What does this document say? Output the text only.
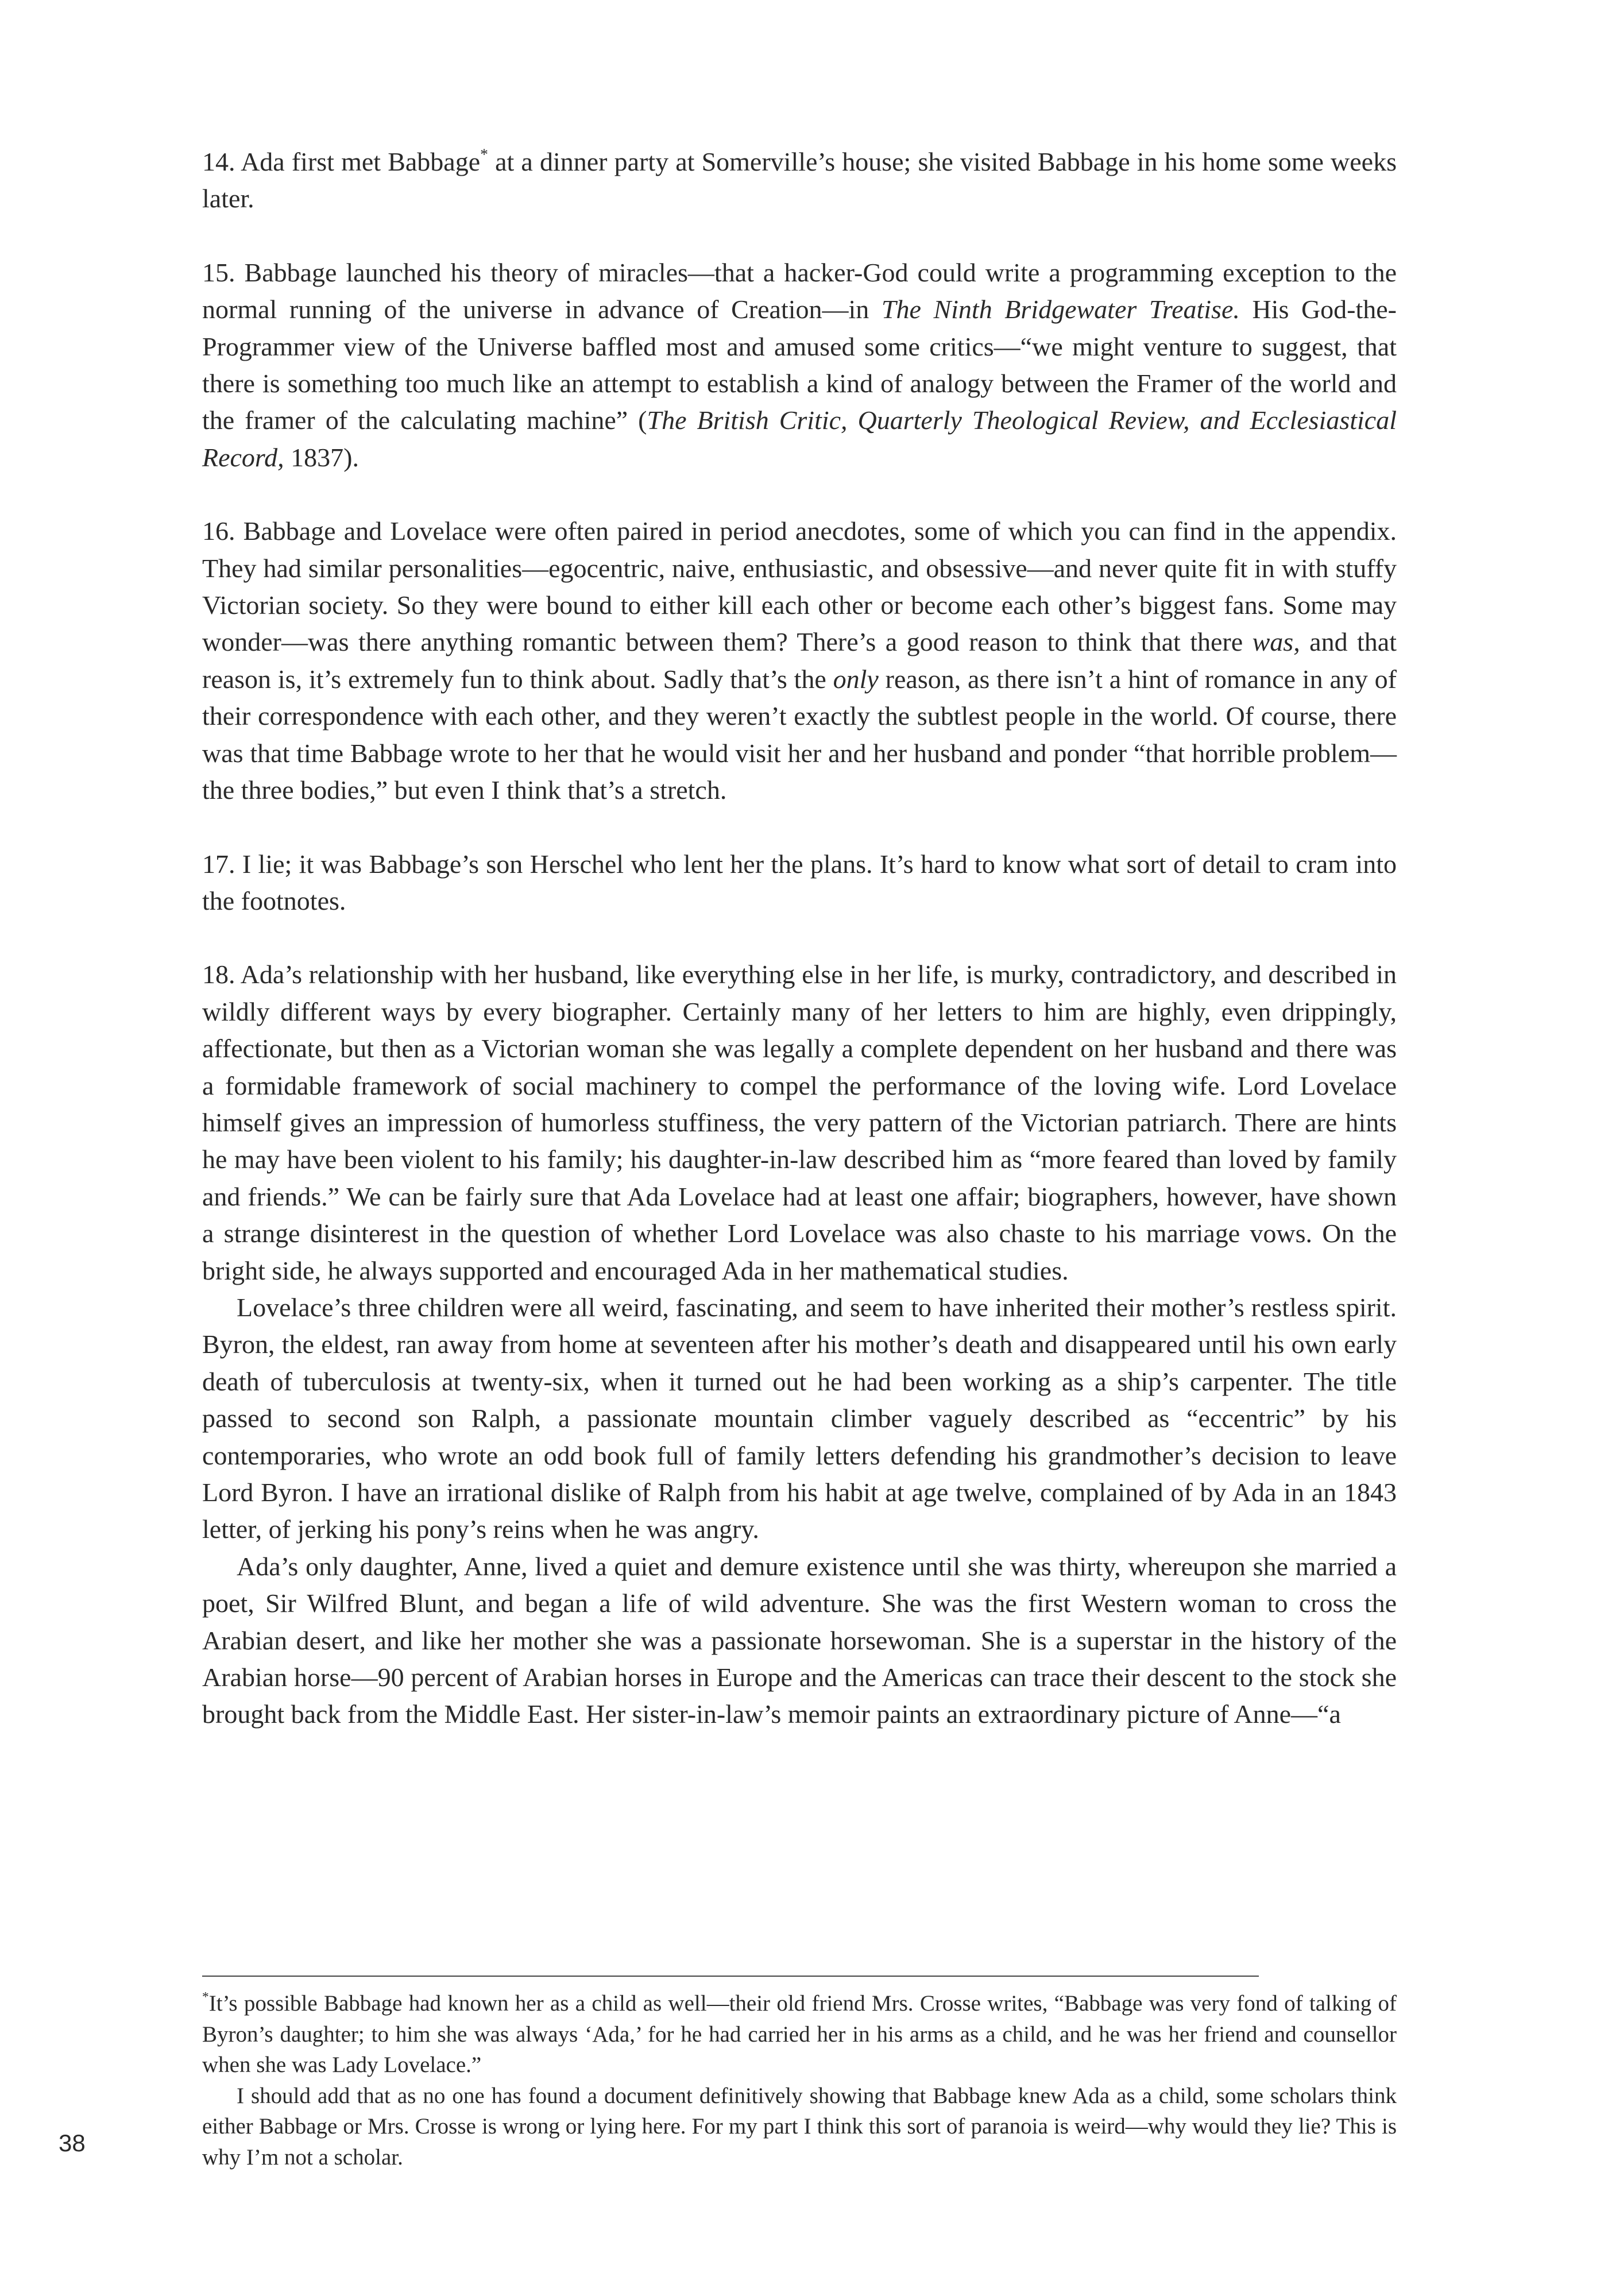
14. Ada first met Babbage* at a dinner party at Somerville’s house; she visited Babbage in his home some weeks later.

15. Babbage launched his theory of miracles—that a hacker-God could write a programming exception to the normal running of the universe in advance of Creation—in The Ninth Bridgewater Treatise. His God-the-Programmer view of the Universe baffled most and amused some critics—“we might venture to suggest, that there is something too much like an attempt to establish a kind of analogy between the Framer of the world and the framer of the calculating machine” (The British Critic, Quarterly Theological Review, and Ecclesiastical Record, 1837).

16. Babbage and Lovelace were often paired in period anecdotes, some of which you can find in the appendix. They had similar personalities—egocentric, naive, enthusiastic, and obsessive—and never quite fit in with stuffy Victorian society. So they were bound to either kill each other or become each other’s biggest fans. Some may wonder—was there anything romantic between them? There’s a good reason to think that there was, and that reason is, it’s extremely fun to think about. Sadly that’s the only reason, as there isn’t a hint of romance in any of their correspondence with each other, and they weren’t exactly the subtlest people in the world. Of course, there was that time Babbage wrote to her that he would visit her and her husband and ponder “that horrible problem—the three bodies,” but even I think that’s a stretch.

17. I lie; it was Babbage’s son Herschel who lent her the plans. It’s hard to know what sort of detail to cram into the footnotes.

18. Ada’s relationship with her husband, like everything else in her life, is murky, contradictory, and described in wildly different ways by every biographer. Certainly many of her letters to him are highly, even drippingly, affectionate, but then as a Victorian woman she was legally a complete dependent on her husband and there was a formidable framework of social machinery to compel the performance of the loving wife. Lord Lovelace himself gives an impression of humorless stuffiness, the very pattern of the Victorian patriarch. There are hints he may have been violent to his family; his daughter-in-law described him as “more feared than loved by family and friends.” We can be fairly sure that Ada Lovelace had at least one affair; biographers, however, have shown a strange disinterest in the question of whether Lord Lovelace was also chaste to his marriage vows. On the bright side, he always supported and encouraged Ada in her mathematical studies.

Lovelace’s three children were all weird, fascinating, and seem to have inherited their mother’s restless spirit. Byron, the eldest, ran away from home at seventeen after his mother’s death and disappeared until his own early death of tuberculosis at twenty-six, when it turned out he had been working as a ship’s carpenter. The title passed to second son Ralph, a passionate mountain climber vaguely described as “eccentric” by his contemporaries, who wrote an odd book full of family letters defending his grandmother’s decision to leave Lord Byron. I have an irrational dislike of Ralph from his habit at age twelve, complained of by Ada in an 1843 letter, of jerking his pony’s reins when he was angry.

Ada’s only daughter, Anne, lived a quiet and demure existence until she was thirty, whereupon she married a poet, Sir Wilfred Blunt, and began a life of wild adventure. She was the first Western woman to cross the Arabian desert, and like her mother she was a passionate horsewoman. She is a superstar in the history of the Arabian horse—90 percent of Arabian horses in Europe and the Americas can trace their descent to the stock she brought back from the Middle East. Her sister-in-law’s memoir paints an extraordinary picture of Anne—“a

*It’s possible Babbage had known her as a child as well—their old friend Mrs. Crosse writes, “Babbage was very fond of talking of Byron’s daughter; to him she was always ‘Ada,’ for he had carried her in his arms as a child, and he was her friend and counsellor when she was Lady Lovelace.”

I should add that as no one has found a document definitively showing that Babbage knew Ada as a child, some scholars think either Babbage or Mrs. Crosse is wrong or lying here. For my part I think this sort of paranoia is weird—why would they lie? This is why I’m not a scholar.

38
